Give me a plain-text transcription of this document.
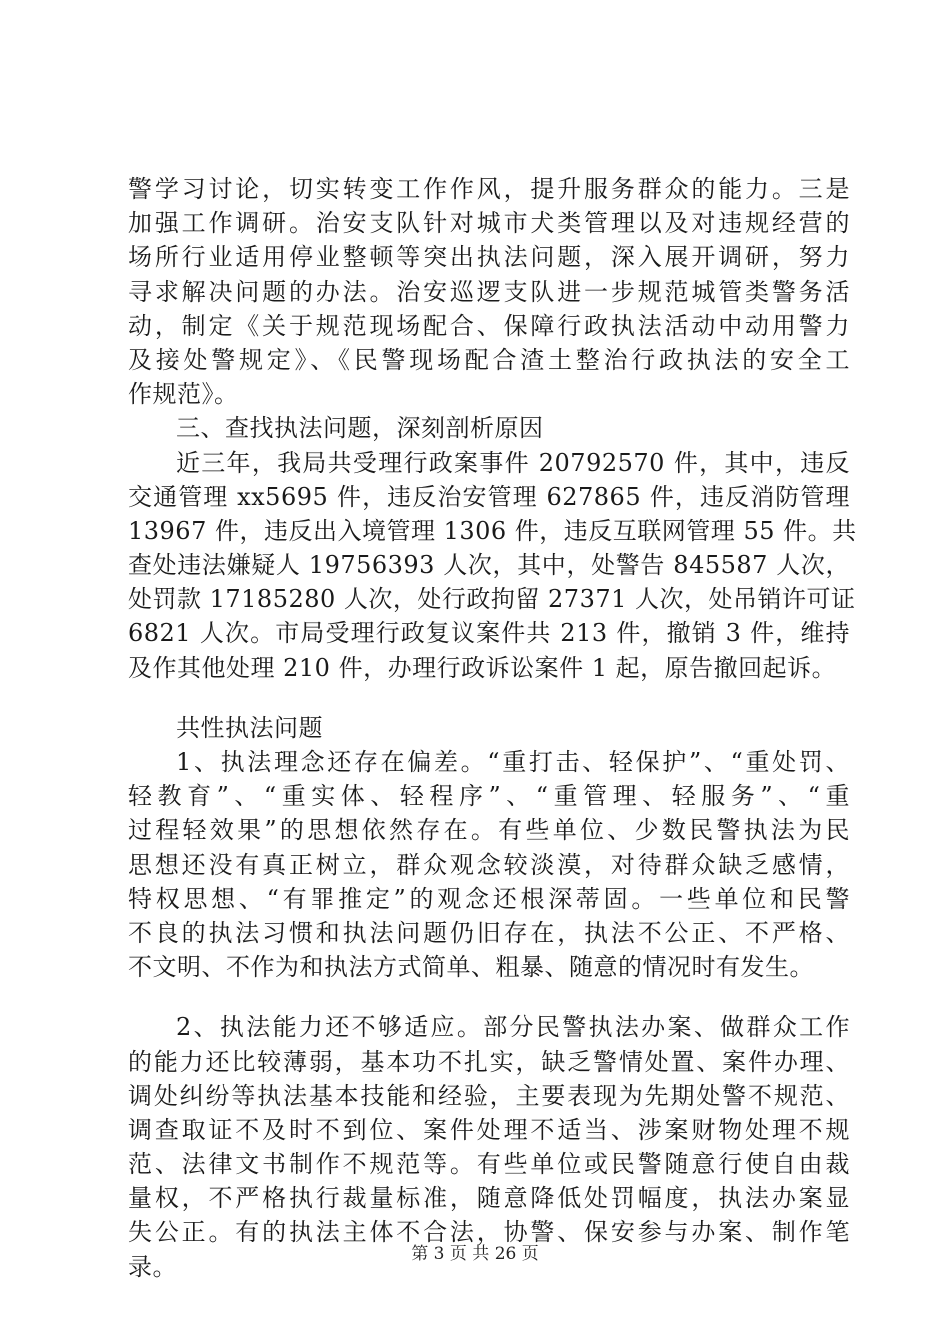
警学习讨论，切实转变工作作风，提升服务群众的能力。三是
加强工作调研。治安支队针对城市犬类管理以及对违规经营的
场所行业适用停业整顿等突出执法问题，深入展开调研，努力
寻求解决问题的办法。治安巡逻支队进一步规范城管类警务活
动，制定《关于规范现场配合、保障行政执法活动中动用警力
及接处警规定》、《民警现场配合渣土整治行政执法的安全工
作规范》。
三、查找执法问题，深刻剖析原因
近三年，我局共受理行政案事件 20792570 件，其中，违反
交通管理 xx5695 件，违反治安管理 627865 件，违反消防管理
13967 件，违反出入境管理 1306 件，违反互联网管理 55 件。共
查处违法嫌疑人 19756393 人次，其中，处警告 845587 人次，
处罚款 17185280 人次，处行政拘留 27371 人次，处吊销许可证
6821 人次。市局受理行政复议案件共 213 件，撤销 3 件，维持
及作其他处理 210 件，办理行政诉讼案件 1 起，原告撤回起诉。
共性执法问题
1、执法理念还存在偏差。“重打击、轻保护”、“重处罚、
轻教育”、“重实体、轻程序”、“重管理、轻服务”、“重
过程轻效果”的思想依然存在。有些单位、少数民警执法为民
思想还没有真正树立，群众观念较淡漠，对待群众缺乏感情，
特权思想、“有罪推定”的观念还根深蒂固。一些单位和民警
不良的执法习惯和执法问题仍旧存在，执法不公正、不严格、
不文明、不作为和执法方式简单、粗暴、随意的情况时有发生。
2、执法能力还不够适应。部分民警执法办案、做群众工作
的能力还比较薄弱，基本功不扎实，缺乏警情处置、案件办理、
调处纠纷等执法基本技能和经验，主要表现为先期处警不规范、
调查取证不及时不到位、案件处理不适当、涉案财物处理不规
范、法律文书制作不规范等。有些单位或民警随意行使自由裁
量权，不严格执行裁量标准，随意降低处罚幅度，执法办案显
失公正。有的执法主体不合法，协警、保安参与办案、制作笔
录。	第 3 页 共 26 页
